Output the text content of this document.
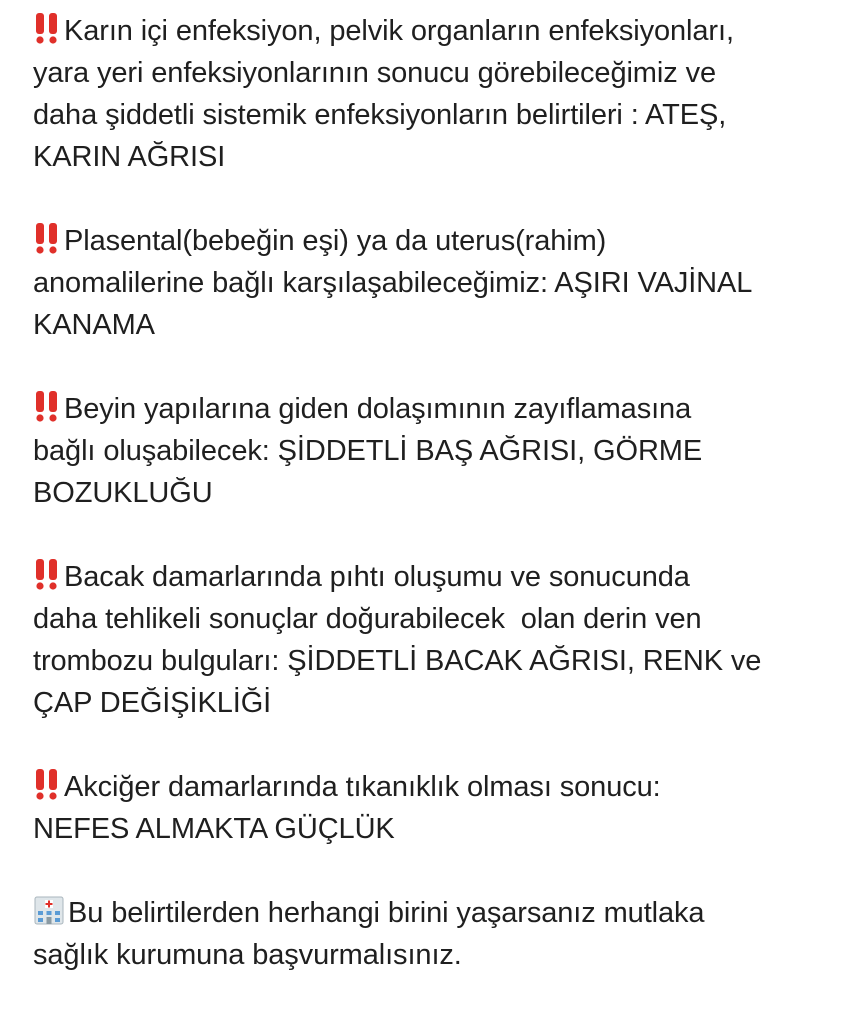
Karın içi enfeksiyon, pelvik organların enfeksiyonları,
yara yeri enfeksiyonlarının sonucu görebileceğimiz ve
daha şiddetli sistemik enfeksiyonların belirtileri : ATEŞ,
KARIN AĞRISI

Plasental(bebeğin eşi) ya da uterus(rahim)
anomalilerine bağlı karşılaşabileceğimiz: AŞIRI VAJİNAL
KANAMA

Beyin yapılarına giden dolaşımının zayıflamasına
bağlı oluşabilecek: ŞİDDETLİ BAŞ AĞRISI, GÖRME
BOZUKLUĞU

Bacak damarlarında pıhtı oluşumu ve sonucunda
daha tehlikeli sonuçlar doğurabilecek  olan derin ven
trombozu bulguları: ŞİDDETLİ BACAK AĞRISI, RENK ve
ÇAP DEĞİŞİKLİĞİ

Akciğer damarlarında tıkanıklık olması sonucu:
NEFES ALMAKTA GÜÇLÜK

Bu belirtilerden herhangi birini yaşarsanız mutlaka
sağlık kurumuna başvurmalısınız.
